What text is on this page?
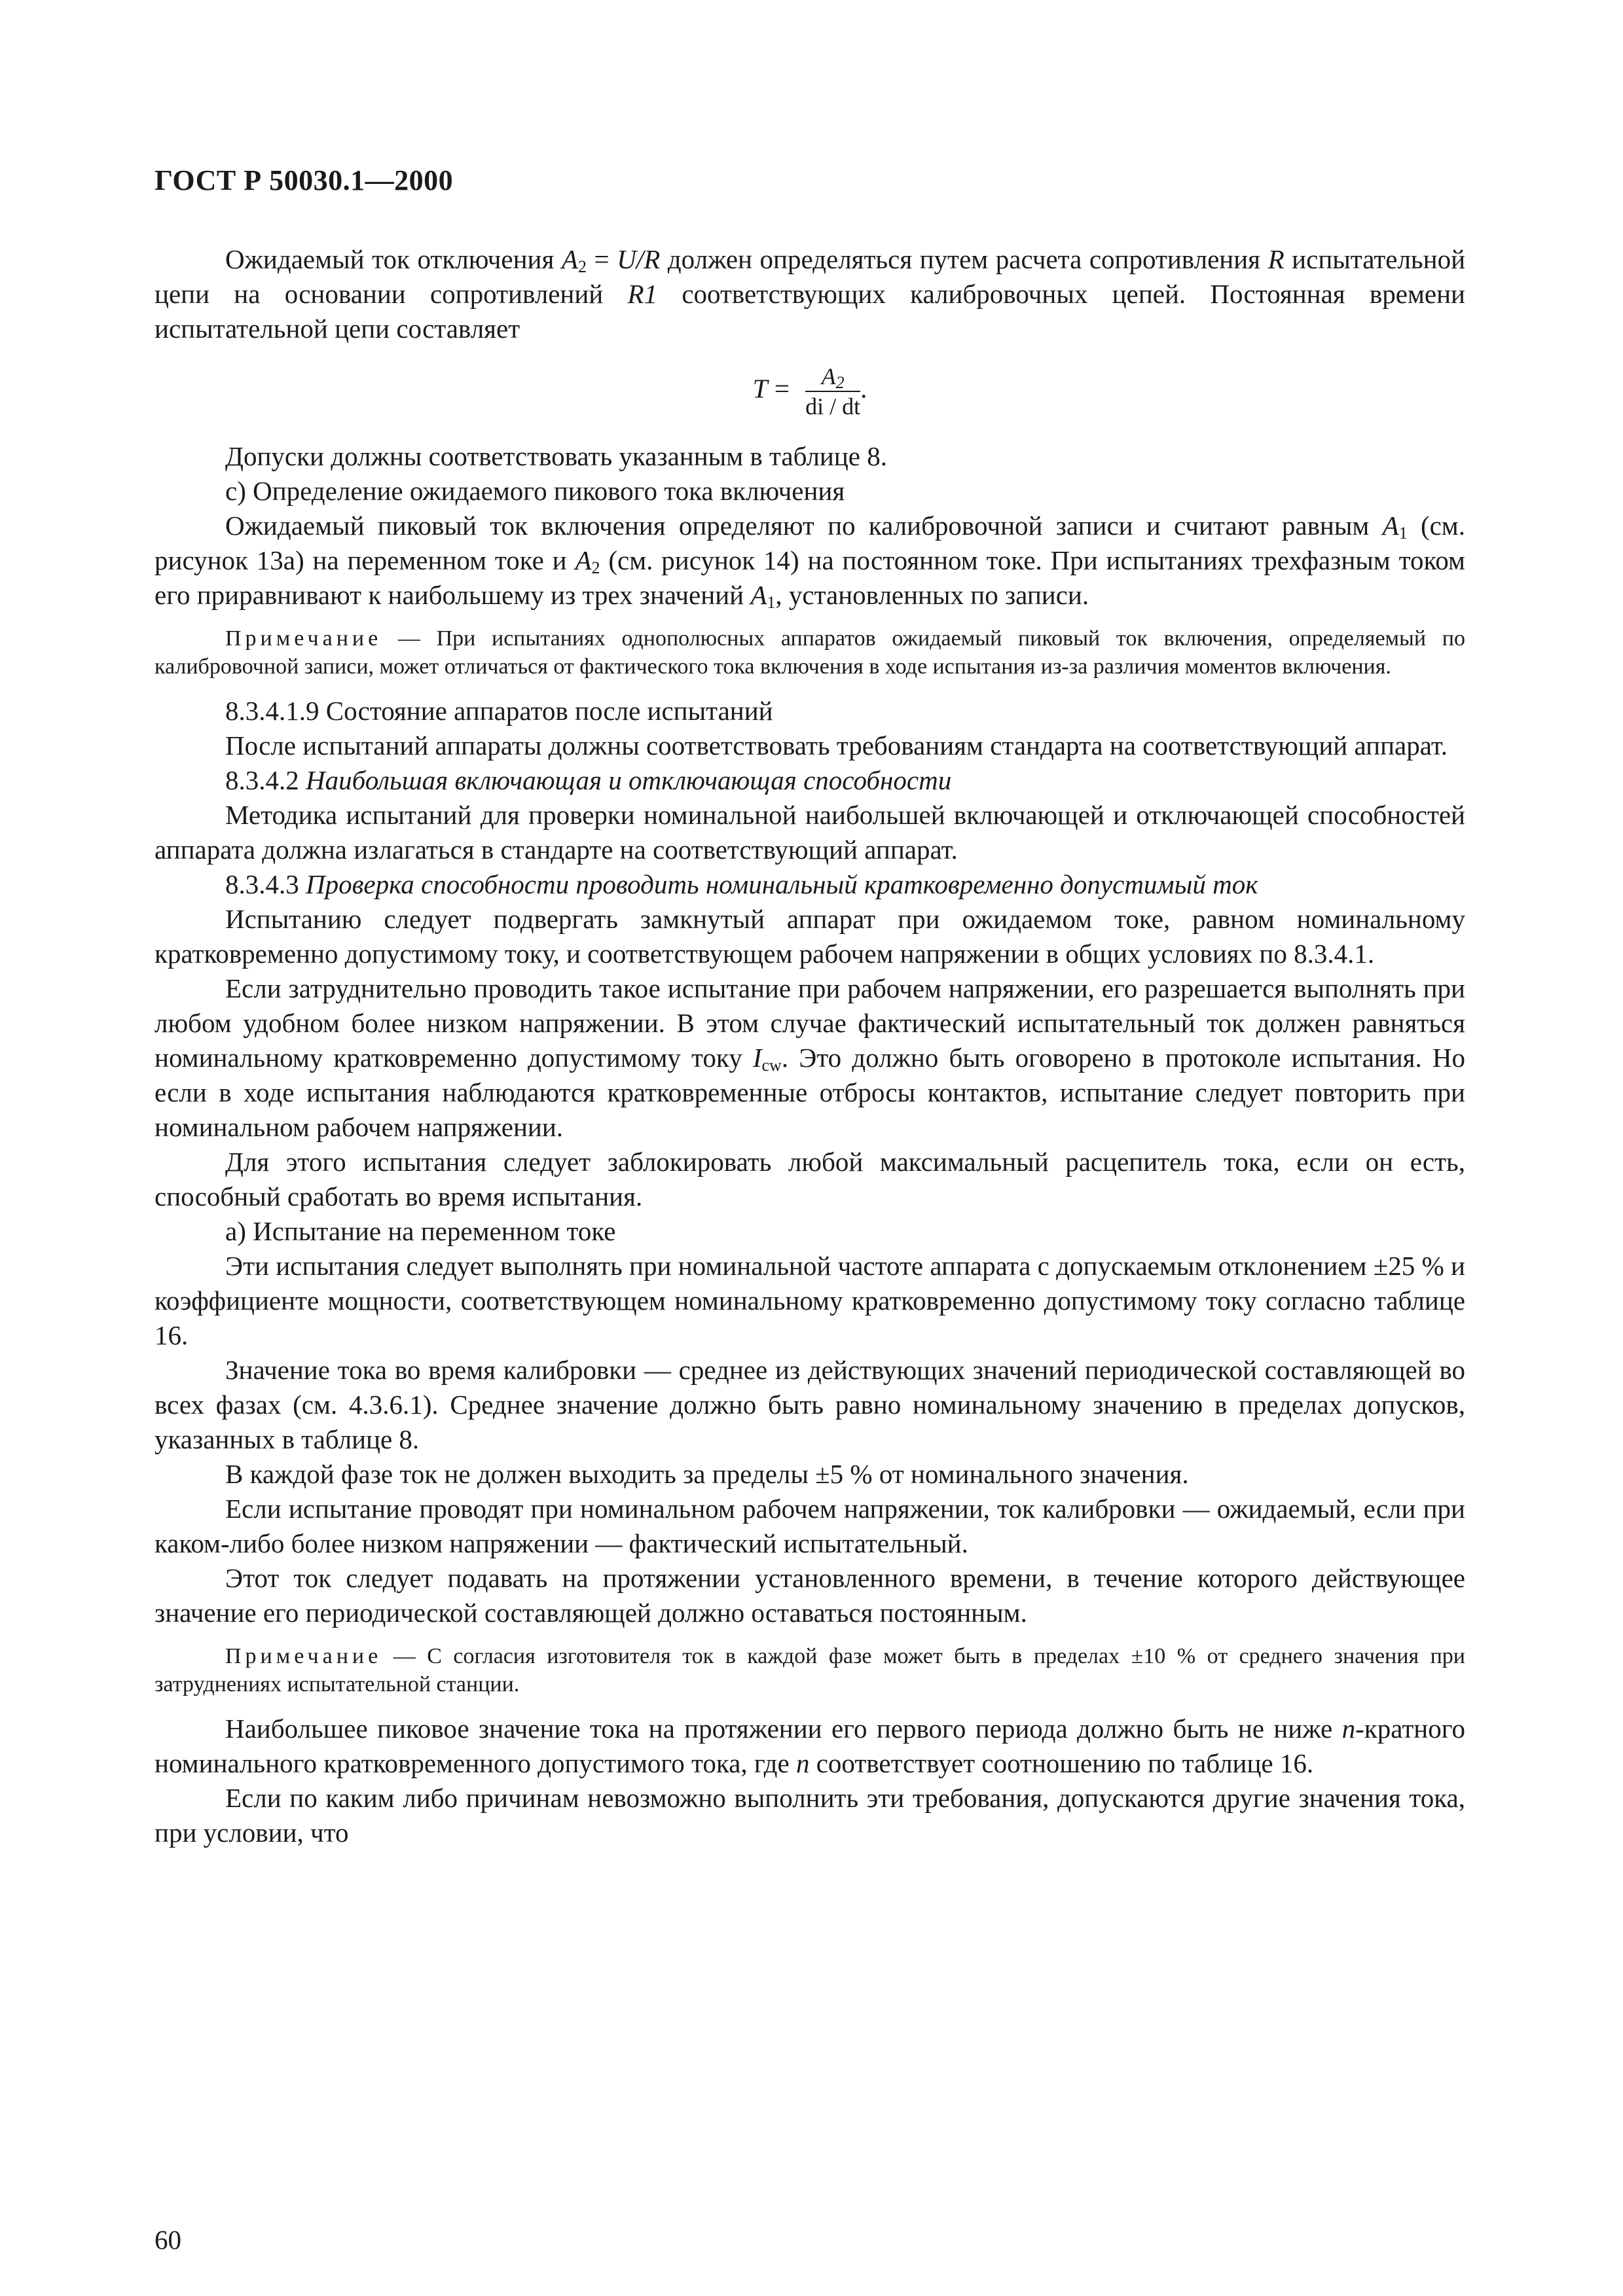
ГОСТ Р 50030.1—2000

Ожидаемый ток отключения $A_2 = U/R$ должен определяться путем расчета сопротивления R испытательной цепи на основании сопротивлений R1 соответствующих калибровочных цепей. Постоянная времени испытательной цепи составляет

$T = \frac{A_2}{di / dt}$ .

Допуски должны соответствовать указанным в таблице 8.

c) Определение ожидаемого пикового тока включения

Ожидаемый пиковый ток включения определяют по калибровочной записи и считают равным $A_1$ (см. рисунок 13а) на переменном токе и $A_2$ (см. рисунок 14) на постоянном токе. При испытаниях трехфазным током его приравнивают к наибольшему из трех значений $A_1$, установленных по записи.

Примечание — При испытаниях однополюсных аппаратов ожидаемый пиковый ток включения, определяемый по калибровочной записи, может отличаться от фактического тока включения в ходе испытания из-за различия моментов включения.

8.3.4.1.9 Состояние аппаратов после испытаний

После испытаний аппараты должны соответствовать требованиям стандарта на соответствующий аппарат.

8.3.4.2 Наибольшая включающая и отключающая способности

Методика испытаний для проверки номинальной наибольшей включающей и отключающей способностей аппарата должна излагаться в стандарте на соответствующий аппарат.

8.3.4.3 Проверка способности проводить номинальный кратковременно допустимый ток

Испытанию следует подвергать замкнутый аппарат при ожидаемом токе, равном номинальному кратковременно допустимому току, и соответствующем рабочем напряжении в общих условиях по 8.3.4.1.

Если затруднительно проводить такое испытание при рабочем напряжении, его разрешается выполнять при любом удобном более низком напряжении. В этом случае фактический испытательный ток должен равняться номинальному кратковременно допустимому току $I_{cw}$. Это должно быть оговорено в протоколе испытания. Но если в ходе испытания наблюдаются кратковременные отбросы контактов, испытание следует повторить при номинальном рабочем напряжении.

Для этого испытания следует заблокировать любой максимальный расцепитель тока, если он есть, способный сработать во время испытания.

а) Испытание на переменном токе

Эти испытания следует выполнять при номинальной частоте аппарата с допускаемым отклонением ±25 % и коэффициенте мощности, соответствующем номинальному кратковременно допустимому току согласно таблице 16.

Значение тока во время калибровки — среднее из действующих значений периодической составляющей во всех фазах (см. 4.3.6.1). Среднее значение должно быть равно номинальному значению в пределах допусков, указанных в таблице 8.

В каждой фазе ток не должен выходить за пределы ±5 % от номинального значения.

Если испытание проводят при номинальном рабочем напряжении, ток калибровки — ожидаемый, если при каком-либо более низком напряжении — фактический испытательный.

Этот ток следует подавать на протяжении установленного времени, в течение которого действующее значение его периодической составляющей должно оставаться постоянным.

Примечание — С согласия изготовителя ток в каждой фазе может быть в пределах ±10 % от среднего значения при затруднениях испытательной станции.

Наибольшее пиковое значение тока на протяжении его первого периода должно быть не ниже n-кратного номинального кратковременного допустимого тока, где n соответствует соотношению по таблице 16.

Если по каким либо причинам невозможно выполнить эти требования, допускаются другие значения тока, при условии, что

60
